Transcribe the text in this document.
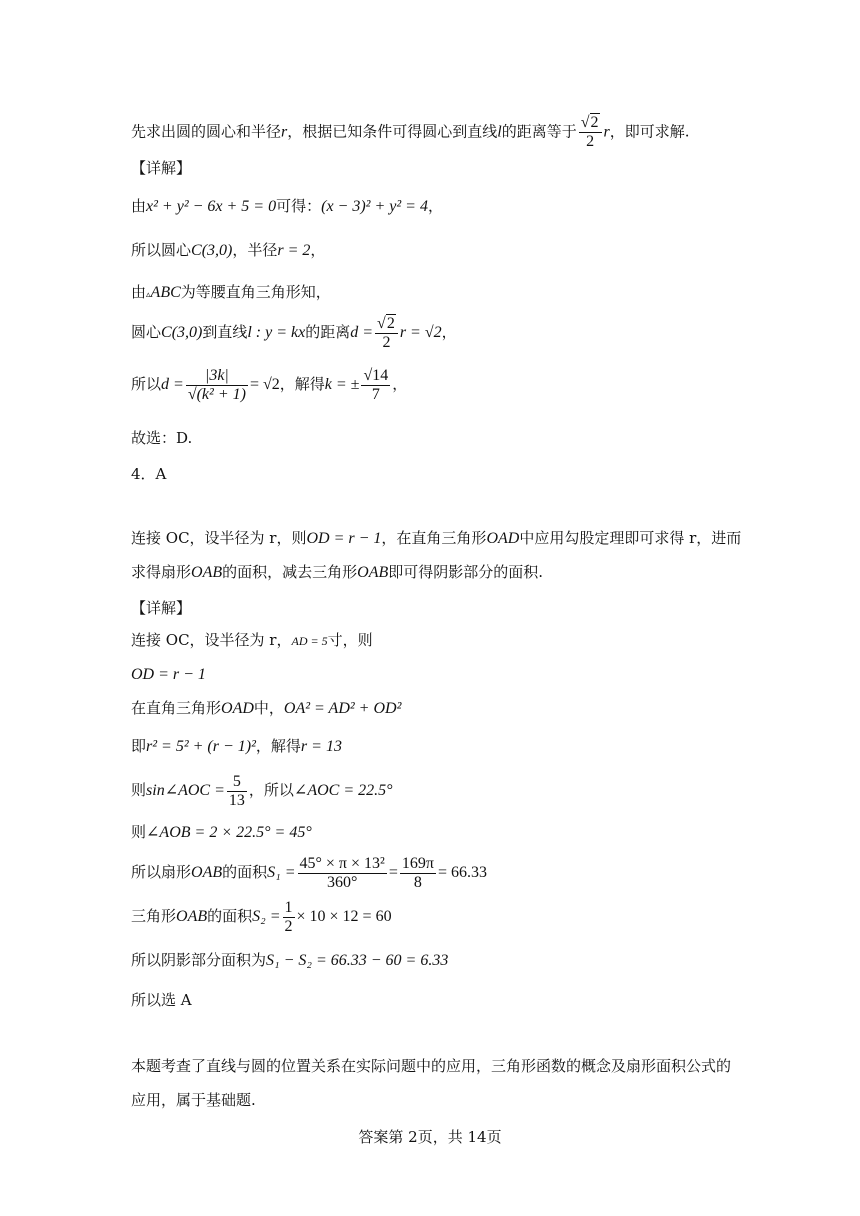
先求出圆的圆心和半径r，根据已知条件可得圆心到直线l的距离等于 $\frac{√2}{2}$ r，即可求解.
【详解】
由x² + y² − 6x + 5 = 0可得：(x − 3)² + y² = 4，
所以圆心C(3,0)，半径r = 2，
由▵ABC为等腰直角三角形知，
圆心C(3,0)到直线l : y = kx的距离$d = \frac{√2}{2}$ r = √2，
所以$d = \frac{|3k|}{\text{√(k² + 1)}} = √2$，解得k = ± $\frac{√14}{7}$ ，
故选：D.
4．A
连接 OC，设半径为 r，则OD = r − 1，在直角三角形OAD中应用勾股定理即可求得 r，进而
求得扇形OAB的面积，减去三角形OAB即可得阴影部分的面积.
【详解】
连接 OC，设半径为 r，AD = 5寸，则
OD = r − 1
在直角三角形OAD中，OA² = AD² + OD²
即r² = 5² + (r − 1)²，解得r = 13
则sin∠AOC = $\frac{5}{13}$ ，所以∠AOC = 22.5°
则∠AOB = 2 × 22.5° = 45°
所以扇形OAB的面积$S_1 = \frac{\text{45° × π × 13²}}{360^\circ} = \frac{169\pi}{8} = 66.33$
三角形OAB的面积$S_2 = \frac{1}{2} \times 10 \times 12 = 60$
所以阴影部分面积为S₁ − S₂ = 66.33 − 60 = 6.33
所以选 A
本题考查了直线与圆的位置关系在实际问题中的应用，三角形函数的概念及扇形面积公式的
应用，属于基础题.
答案第 2页，共 14页
